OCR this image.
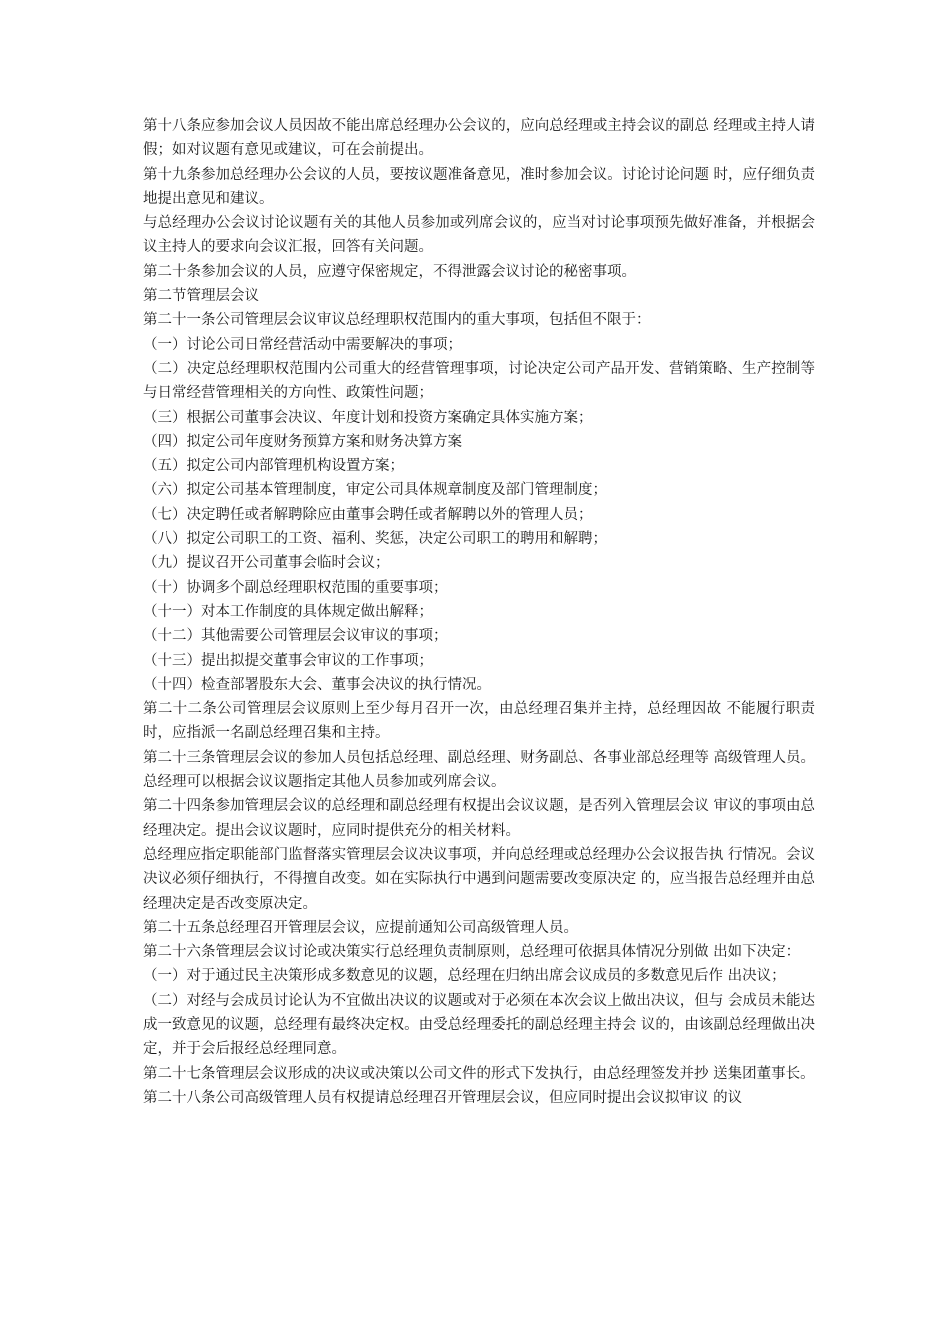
第十八条应参加会议人员因故不能出席总经理办公会议的，应向总经理或主持会议的副总 经理或主持人请假；如对议题有意见或建议，可在会前提出。

第十九条参加总经理办公会议的人员，要按议题准备意见，准时参加会议。讨论讨论问题 时，应仔细负责地提出意见和建议。

与总经理办公会议讨论议题有关的其他人员参加或列席会议的，应当对讨论事项预先做好准备，并根据会议主持人的要求向会议汇报，回答有关问题。

第二十条参加会议的人员，应遵守保密规定，不得泄露会议讨论的秘密事项。

第二节管理层会议

第二十一条公司管理层会议审议总经理职权范围内的重大事项，包括但不限于：

（一）讨论公司日常经营活动中需要解决的事项；

（二）决定总经理职权范围内公司重大的经营管理事项，讨论决定公司产品开发、营销策略、生产控制等与日常经营管理相关的方向性、政策性问题；

（三）根据公司董事会决议、年度计划和投资方案确定具体实施方案；

（四）拟定公司年度财务预算方案和财务决算方案

（五）拟定公司内部管理机构设置方案；

（六）拟定公司基本管理制度，审定公司具体规章制度及部门管理制度；

（七）决定聘任或者解聘除应由董事会聘任或者解聘以外的管理人员；

（八）拟定公司职工的工资、福利、奖惩，决定公司职工的聘用和解聘；

（九）提议召开公司董事会临时会议；

（十）协调多个副总经理职权范围的重要事项；

（十一）对本工作制度的具体规定做出解释；

（十二）其他需要公司管理层会议审议的事项；

（十三）提出拟提交董事会审议的工作事项；

（十四）检查部署股东大会、董事会决议的执行情况。

第二十二条公司管理层会议原则上至少每月召开一次，由总经理召集并主持，总经理因故 不能履行职责时，应指派一名副总经理召集和主持。

第二十三条管理层会议的参加人员包括总经理、副总经理、财务副总、各事业部总经理等 高级管理人员。总经理可以根据会议议题指定其他人员参加或列席会议。

第二十四条参加管理层会议的总经理和副总经理有权提出会议议题，是否列入管理层会议 审议的事项由总经理决定。提出会议议题时，应同时提供充分的相关材料。

总经理应指定职能部门监督落实管理层会议决议事项，并向总经理或总经理办公会议报告执 行情况。会议决议必须仔细执行，不得擅自改变。如在实际执行中遇到问题需要改变原决定 的，应当报告总经理并由总经理决定是否改变原决定。

第二十五条总经理召开管理层会议，应提前通知公司高级管理人员。

第二十六条管理层会议讨论或决策实行总经理负责制原则，总经理可依据具体情况分别做 出如下决定：

（一）对于通过民主决策形成多数意见的议题，总经理在归纳出席会议成员的多数意见后作 出决议；

（二）对经与会成员讨论认为不宜做出决议的议题或对于必须在本次会议上做出决议，但与 会成员未能达成一致意见的议题，总经理有最终决定权。由受总经理委托的副总经理主持会 议的，由该副总经理做出决定，并于会后报经总经理同意。

第二十七条管理层会议形成的决议或决策以公司文件的形式下发执行，由总经理签发并抄 送集团董事长。

第二十八条公司高级管理人员有权提请总经理召开管理层会议，但应同时提出会议拟审议 的议
